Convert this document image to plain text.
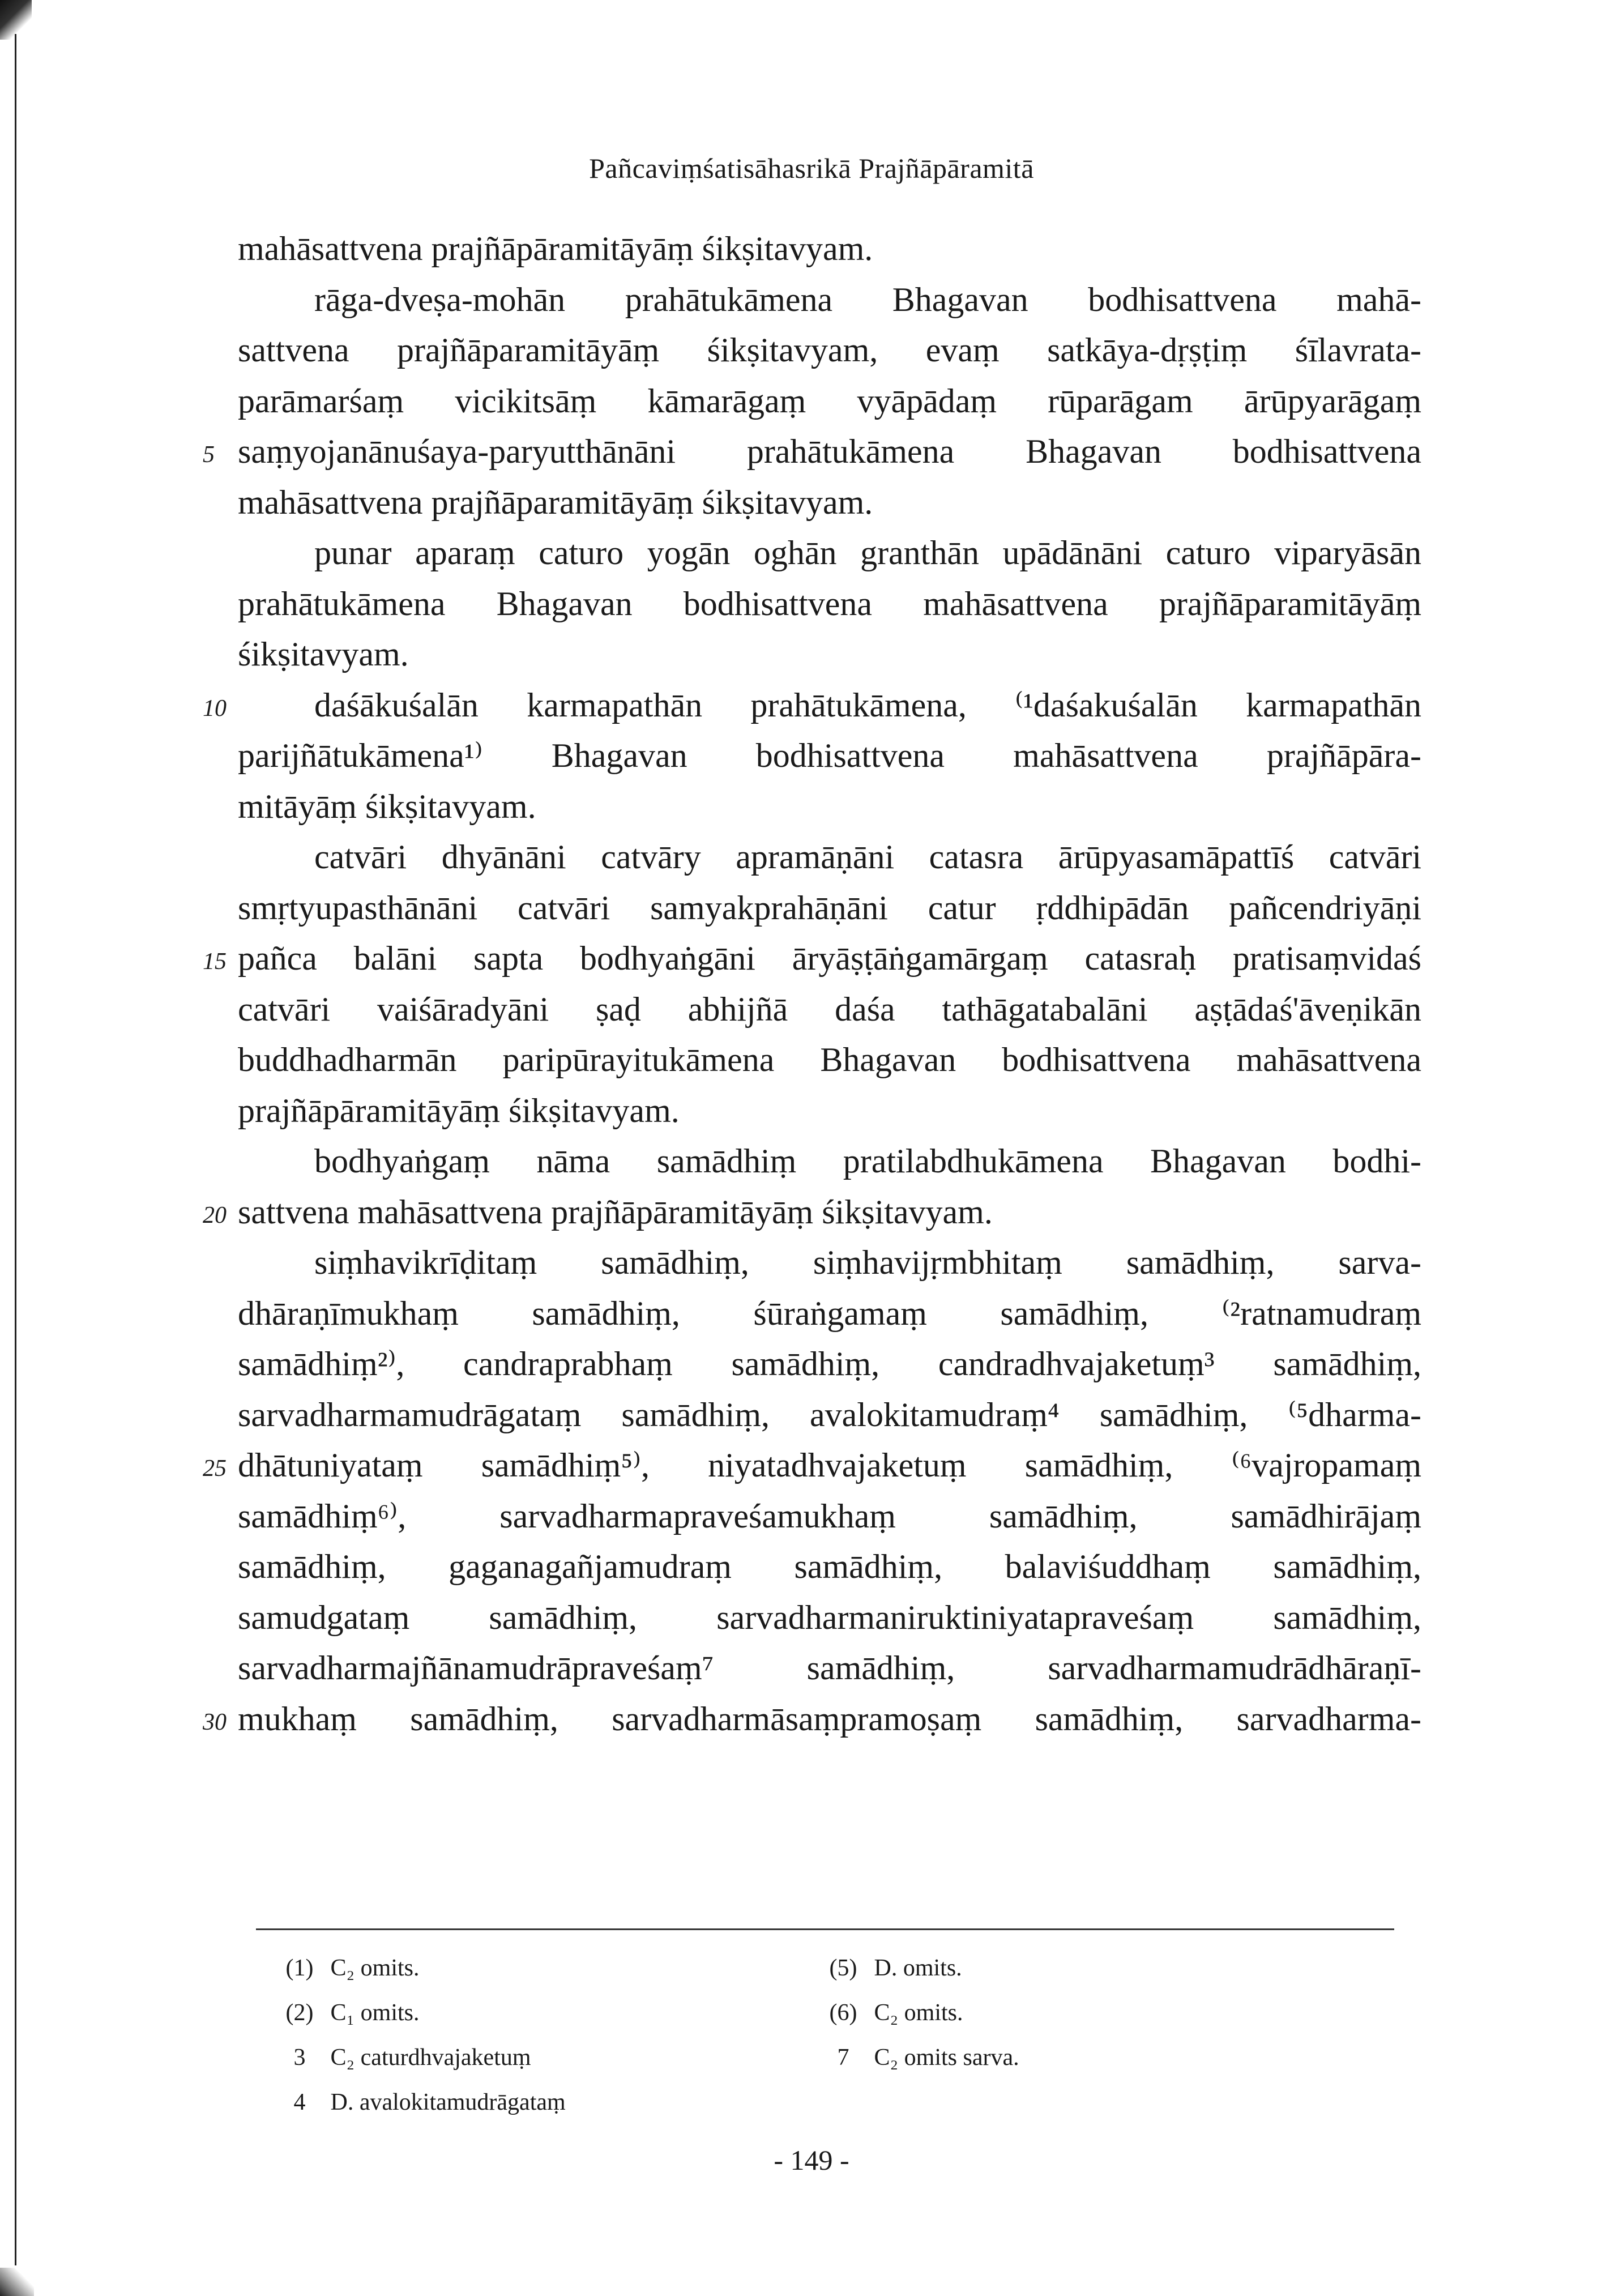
Pañcaviṃśatisāhasrikā Prajñāpāramitā
mahāsattvena prajñāpāramitāyāṃ śikṣitavyam.
rāga-dveṣa-mohān prahātukāmena Bhagavan bodhisattvena mahā-
sattvena prajñāparamitāyāṃ śikṣitavyam, evaṃ satkāya-dṛṣṭiṃ śīlavrata-
parāmarśaṃ vicikitsāṃ kāmarāgaṃ vyāpādaṃ rūparāgam ārūpyarāgaṃ
5 saṃyojanānuśaya-paryutthānāni prahātukāmena Bhagavan bodhisattvena
mahāsattvena prajñāparamitāyāṃ śikṣitavyam.
punar aparaṃ caturo yogān oghān granthān upādānāni caturo viparyāsān
prahātukāmena Bhagavan bodhisattvena mahāsattvena prajñāparamitāyāṃ
śikṣitavyam.
10	daśākuśalān karmapathān prahātukāmena, ⁽¹daśakuśalān karmapathān
parijñātukāmena¹⁾ Bhagavan bodhisattvena mahāsattvena prajñāpāra-
mitāyāṃ śikṣitavyam.
catvāri dhyānāni catvāry apramāṇāni catasra ārūpyasamāpattīś catvāri
smṛtyupasthānāni catvāri samyakprahāṇāni catur ṛddhipādān pañcendriyāṇi
15 pañca balāni sapta bodhyaṅgāni āryāṣṭāṅgamārgaṃ catasraḥ pratisaṃvidaś
catvāri vaiśāradyāni ṣaḍ abhijñā daśa tathāgatabalāni aṣṭādaś'āveṇikān
buddhadharmān paripūrayitukāmena Bhagavan bodhisattvena mahāsattvena
prajñāpāramitāyāṃ śikṣitavyam.
bodhyaṅgaṃ nāma samādhiṃ pratilabdhukāmena Bhagavan bodhi-
20 sattvena mahāsattvena prajñāpāramitāyāṃ śikṣitavyam.
siṃhavikrīḍitaṃ samādhiṃ, siṃhavijṛmbhitaṃ samādhiṃ, sarva-
dhāraṇīmukhaṃ samādhiṃ, śūraṅgamaṃ samādhiṃ, ⁽²ratnamudraṃ
samādhiṃ²⁾, candraprabhaṃ samādhiṃ, candradhvajaketuṃ³ samādhiṃ,
sarvadharmamudrāgataṃ samādhiṃ, avalokitamudraṃ⁴ samādhiṃ, ⁽⁵dharma-
25 dhātuniyataṃ samādhiṃ⁵⁾, niyatadhvajaketuṃ samādhiṃ, ⁽⁶vajropamaṃ
samādhiṃ⁶⁾, sarvadharmapraveśamukhaṃ samādhiṃ, samādhirājaṃ
samādhiṃ, gaganagañjamudraṃ samādhiṃ, balaviśuddhaṃ samādhiṃ,
samudgataṃ samādhiṃ, sarvadharmaniruktiniyatapraveśaṃ samādhiṃ,
sarvadharmajñānamudrāpraveśaṃ⁷ samādhiṃ, sarvadharmamudrādhāraṇī-
30 mukhaṃ samādhiṃ, sarvadharmāsaṃpramoṣaṃ samādhiṃ, sarvadharma-
(1) C₂ omits.
(2) C₁ omits.
3 C₂ caturdhvajaketuṃ
4 D. avalokitamudrāgataṃ
(5) D. omits.
(6) C₂ omits.
7 C₂ omits sarva.
- 149 -
